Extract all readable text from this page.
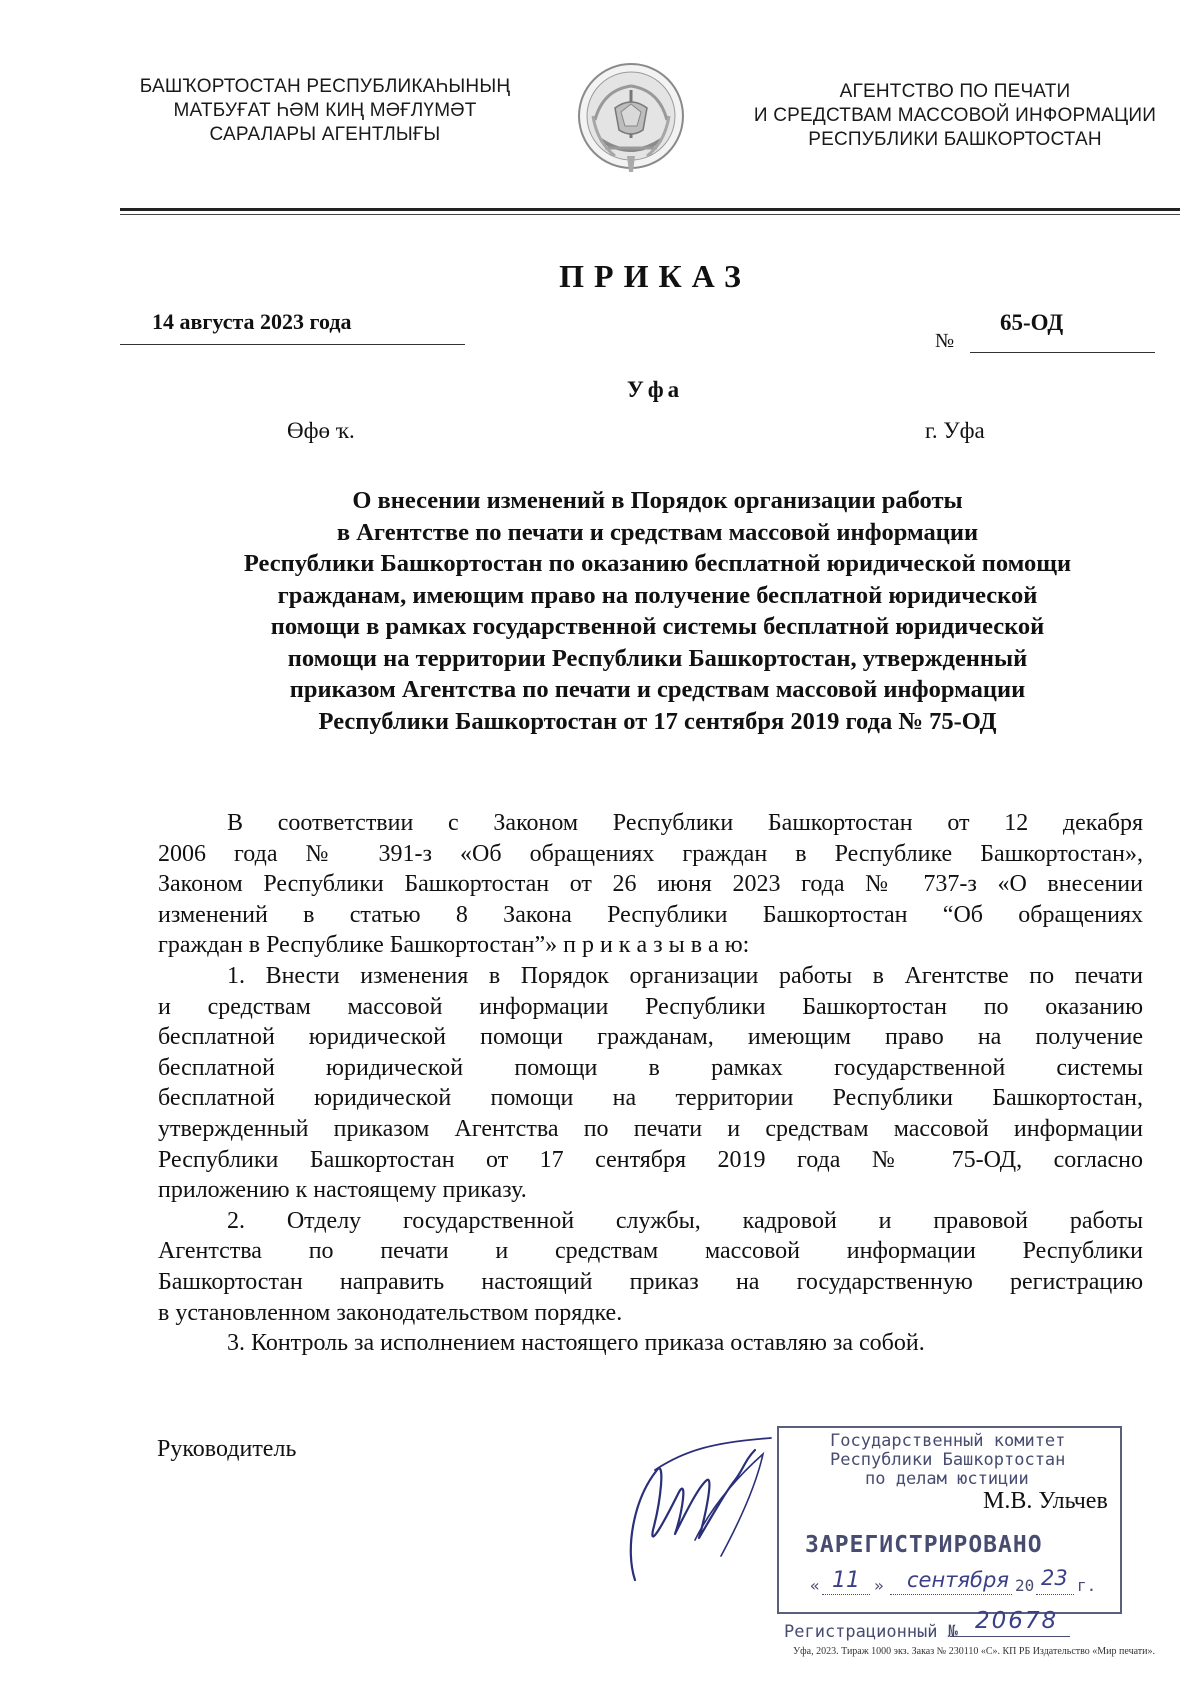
БАШҠОРТОСТАН РЕСПУБЛИКАҺЫНЫҢ
МАТБУҒАТ ҺӘМ КИҢ МӘҒЛҮМӘТ
САРАЛАРЫ АГЕНТЛЫҒЫ
АГЕНТСТВО ПО ПЕЧАТИ
И СРЕДСТВАМ МАССОВОЙ ИНФОРМАЦИИ
РЕСПУБЛИКИ БАШКОРТОСТАН
ПРИКАЗ
14 августа 2023 года
№
65-ОД
Уфа
Өфө ҡ.	г. Уфа
О внесении изменений в Порядок организации работы
в Агентстве по печати и средствам массовой информации
Республики Башкортостан по оказанию бесплатной юридической помощи
гражданам, имеющим право на получение бесплатной юридической
помощи в рамках государственной системы бесплатной юридической
помощи на территории Республики Башкортостан, утвержденный
приказом Агентства по печати и средствам массовой информации
Республики Башкортостан от 17 сентября 2019 года № 75-ОД
В соответствии с Законом Республики Башкортостан от 12 декабря
2006 года № 391-з «Об обращениях граждан в Республике Башкортостан»,
Законом Республики Башкортостан от 26 июня 2023 года № 737-з «О внесении
изменений в статью 8 Закона Республики Башкортостан “Об обращениях
граждан в Республике Башкортостан”» п р и к а з ы в а ю:
1. Внести изменения в Порядок организации работы в Агентстве по печати
и средствам массовой информации Республики Башкортостан по оказанию
бесплатной юридической помощи гражданам, имеющим право на получение
бесплатной юридической помощи в рамках государственной системы
бесплатной юридической помощи на территории Республики Башкортостан,
утвержденный приказом Агентства по печати и средствам массовой информации
Республики Башкортостан от 17 сентября 2019 года № 75-ОД, согласно
приложению к настоящему приказу.
2. Отделу государственной службы, кадровой и правовой работы
Агентства по печати и средствам массовой информации Республики
Башкортостан направить настоящий приказ на государственную регистрацию
в установленном законодательством порядке.
3. Контроль за исполнением настоящего приказа оставляю за собой.
Руководитель	Государственный комитет
Республики Башкортостан
по делам юстиции
ЗАРЕГИСТРИРОВАНО
« 11 » сентября 20 23 г.
Регистрационный № 20678
М.В. Ульчев
Уфа, 2023. Тираж 1000 экз. Заказ № 230110 «С». КП РБ Издательство «Мир печати».
